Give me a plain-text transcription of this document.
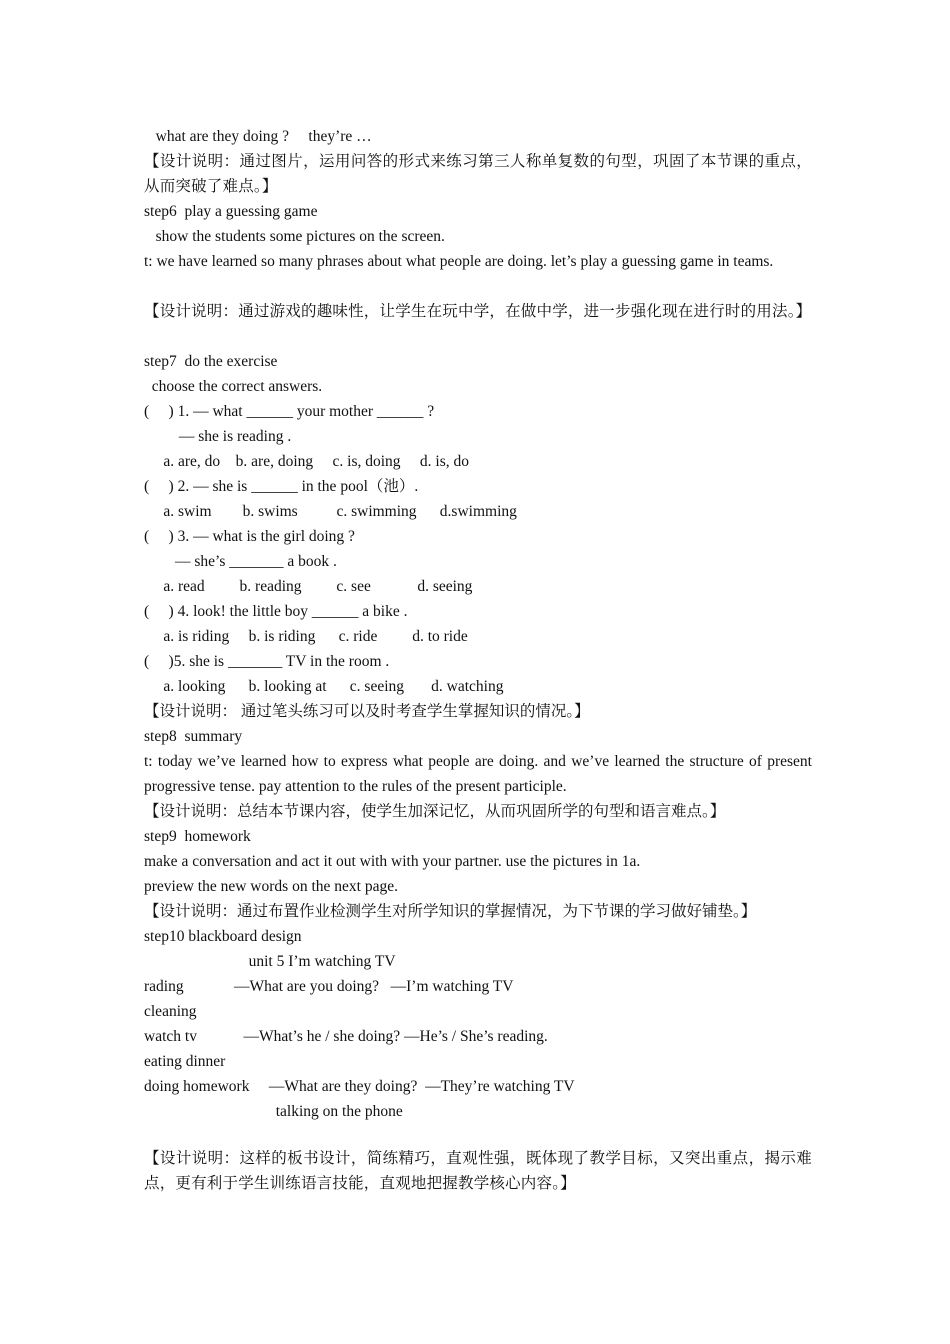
what are they doing ?     they’re …
【设计说明：通过图片，运用问答的形式来练习第三人称单复数的句型，巩固了本节课的重点，从而突破了难点。】
step6  play a guessing game
show the students some pictures on the screen.
t: we have learned so many phrases about what people are doing. let’s play a guessing game in teams.
【设计说明：通过游戏的趣味性，让学生在玩中学，在做中学，进一步强化现在进行时的用法。】
step7  do the exercise
choose the correct answers.
(     ) 1. — what ______ your mother ______ ?
— she is reading .
a. are, do    b. are, doing     c. is, doing     d. is, do
(     ) 2. — she is ______ in the pool（池）.
a. swim        b. swims          c. swimming      d.swimming
(     ) 3. — what is the girl doing ?
— she’s _______ a book .
a. read         b. reading         c. see            d. seeing
(     ) 4. look! the little boy ______ a bike .
a. is riding     b. is riding      c. ride         d. to ride
(     )5. she is _______ TV in the room .
a. looking      b. looking at      c. seeing       d. watching
【设计说明： 通过笔头练习可以及时考查学生掌握知识的情况。】
step8  summary
t: today we’ve learned how to express what people are doing. and we’ve learned the structure of present progressive tense. pay attention to the rules of the present participle.
【设计说明：总结本节课内容，使学生加深记忆，从而巩固所学的句型和语言难点。】
step9  homework
make a conversation and act it out with with your partner. use the pictures in 1a.
preview the new words on the next page.
【设计说明：通过布置作业检测学生对所学知识的掌握情况，为下节课的学习做好铺垫。】
step10 blackboard design
unit 5 I’m watching TV
rading             —What are you doing?   —I’m watching TV
cleaning
watch tv            —What’s he / she doing? —He’s / She’s reading.
eating dinner
doing homework     —What are they doing?  —They’re watching TV
talking on the phone
【设计说明：这样的板书设计，简练精巧，直观性强，既体现了教学目标，又突出重点，揭示难点，更有利于学生训练语言技能，直观地把握教学核心内容。】
